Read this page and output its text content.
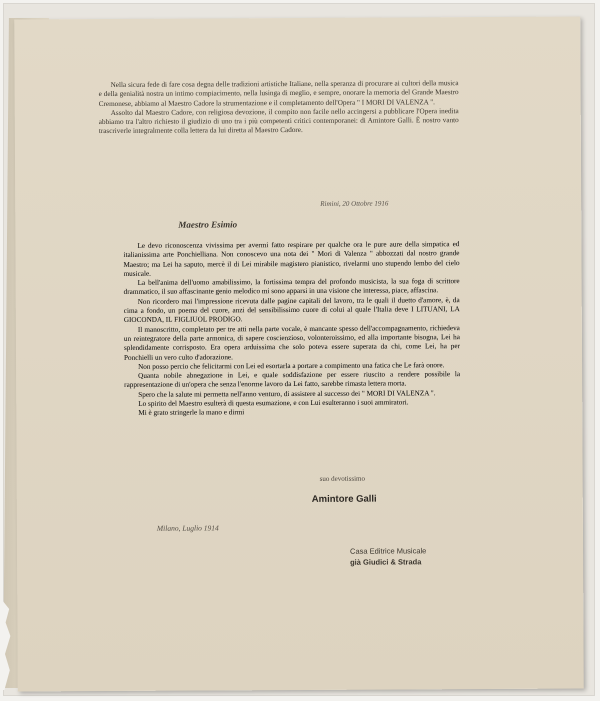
Nella sicura fede di fare cosa degna delle tradizioni artistiche Italiane, nella speranza di procurare ai cultori della musica e della genialità nostra un intimo compiacimento, nella lusinga di meglio, e sempre, onorare la memoria del Grande Maestro Cremonese, abbiamo al Maestro Cadore la strumentazione e il completamento dell'Opera " I MORI DI VALENZA ".

Assolto dal Maestro Cadore, con religiosa devozione, il compito non facile nello accingersi a pubblicare l'Opera inedita abbiamo tra l'altro richiesto il giudizio di uno tra i più competenti critici contemporanei: di Amintore Galli. È nostro vanto trascriverle integralmente colla lettera da lui diretta al Maestro Cadore.

Rimini, 20 Ottobre 1916
Maestro Esimio

Le devo riconoscenza vivissima per avermi fatto respirare per qualche ora le pure aure della simpatica ed italianissima arte Ponchielliana. Non conoscevo una nota dei " Mori di Valenza " abbozzati dal nostro grande Maestro; ma Lei ha saputo, mercè il di Lei mirabile magistero pianistico, rivelarmi uno stupendo lembo del cielo musicale.

La bell'anima dell'uomo amabilissimo, la fortissima tempra del profondo musicista, la sua foga di scrittore drammatico, il suo affascinante genio melodico mi sono apparsi in una visione che interessa, piace, affascina.

Non ricordero mai l'impressione ricevuta dalle pagine capitali del lavoro, tra le quali il duetto d'amore, è, da cima a fondo, un poema del cuore, anzi del sensibilissimo cuore di colui al quale l'Italia deve I LITUANI, LA GIOCONDA, IL FIGLIUOL PRODIGO.

Il manoscritto, completato per tre atti nella parte vocale, è mancante spesso dell'accompagnamento, richiedeva un reintegratore della parte armonica, di sapere coscienzioso, volonteroissimo, ed alla importante bisogna, Lei ha splendidamente corrisposto. Era opera arduissima che solo poteva essere superata da chi, come Lei, ha per Ponchielli un vero culto d'adorazione.

Non posso percio che felicitarmi con Lei ed esortarla a portare a compimento una fatica che Le farà onore.

Quanta nobile abnegazione in Lei, e quale soddisfazione per essere riuscito a rendere possibile la rappresentazione di un'opera che senza l'enorme lavoro da Lei fatto, sarebbe rimasta lettera morta.

Spero che la salute mi permetta nell'anno venturo, di assistere al successo dei " MORI DI VALENZA ".

Lo spirito del Maestro esulterà di questa esumazione, e con Lui esulteranno i suoi ammiratori.

Mi è grato stringerle la mano e dirmi

suo devotissimo
Amintore Galli
Milano, Luglio 1914
Casa Editrice Musicale
già Giudici & Strada
